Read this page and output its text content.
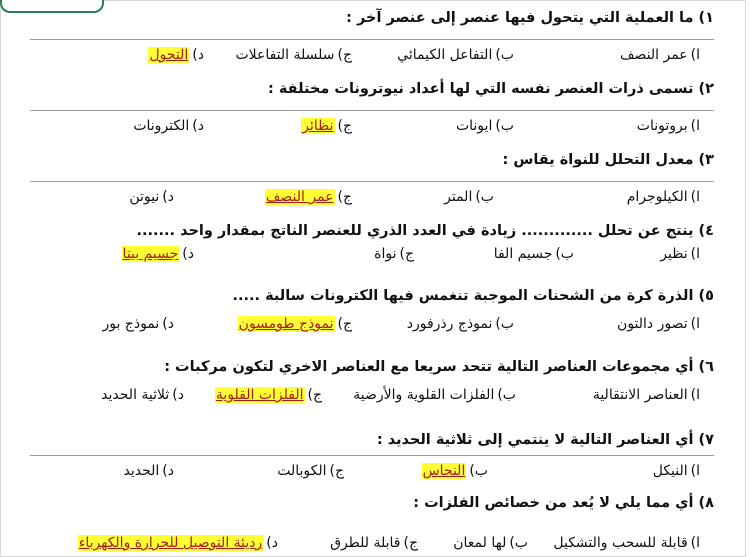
١) ما العملية التي يتحول فيها عنصر إلى عنصر آخر :
ا)عمر النصف
ب)التفاعل الكيمائي
ج)سلسلة التفاعلات
د)التحول
٢) تسمى ذرات العنصر نفسه التي لها أعداد نيوترونات مختلفة :
ا)بروتونات
ب)ايونات
ج)نظائر
د)الكترونات
٣) معدل التحلل للنواة يقاس :
ا)الكيلوجرام
ب)المتر
ج)عمر النصف
د)نيوتن
٤) ينتج عن تحلل ............. زيادة في العدد الذري للعنصر الناتج بمقدار واحد .......
ا)نظير
ب)جسيم الفا
ج)نواة
د)جسيم بيتا
٥) الذرة كرة من الشحنات الموجبة تنغمس فيها الكترونات سالبة .....
ا)تصور دالتون
ب)نموذج رذرفورد
ج)نموذج طومسون
د)نموذج بور
٦) أي مجموعات العناصر التالية تتحد سريعا مع العناصر الاخري لتكون مركبات :
ا)العناصر الانتقالية
ب)الفلزات القلوية والأرضية
ج)الفلزات القلوية
د)ثلاثية الحديد
٧) أي العناصر التالية لا ينتمي إلى ثلاثية الحديد :
ا)النيكل
ب)النحاس
ج)الكوبالت
د)الحديد
٨) أي مما يلي لا يُعد من خصائص الفلزات :
ا)قابلة للسحب والتشكيل
ب)لها لمعان
ج)قابلة للطرق
د)رديئة التوصيل للحرارة والكهرباء
